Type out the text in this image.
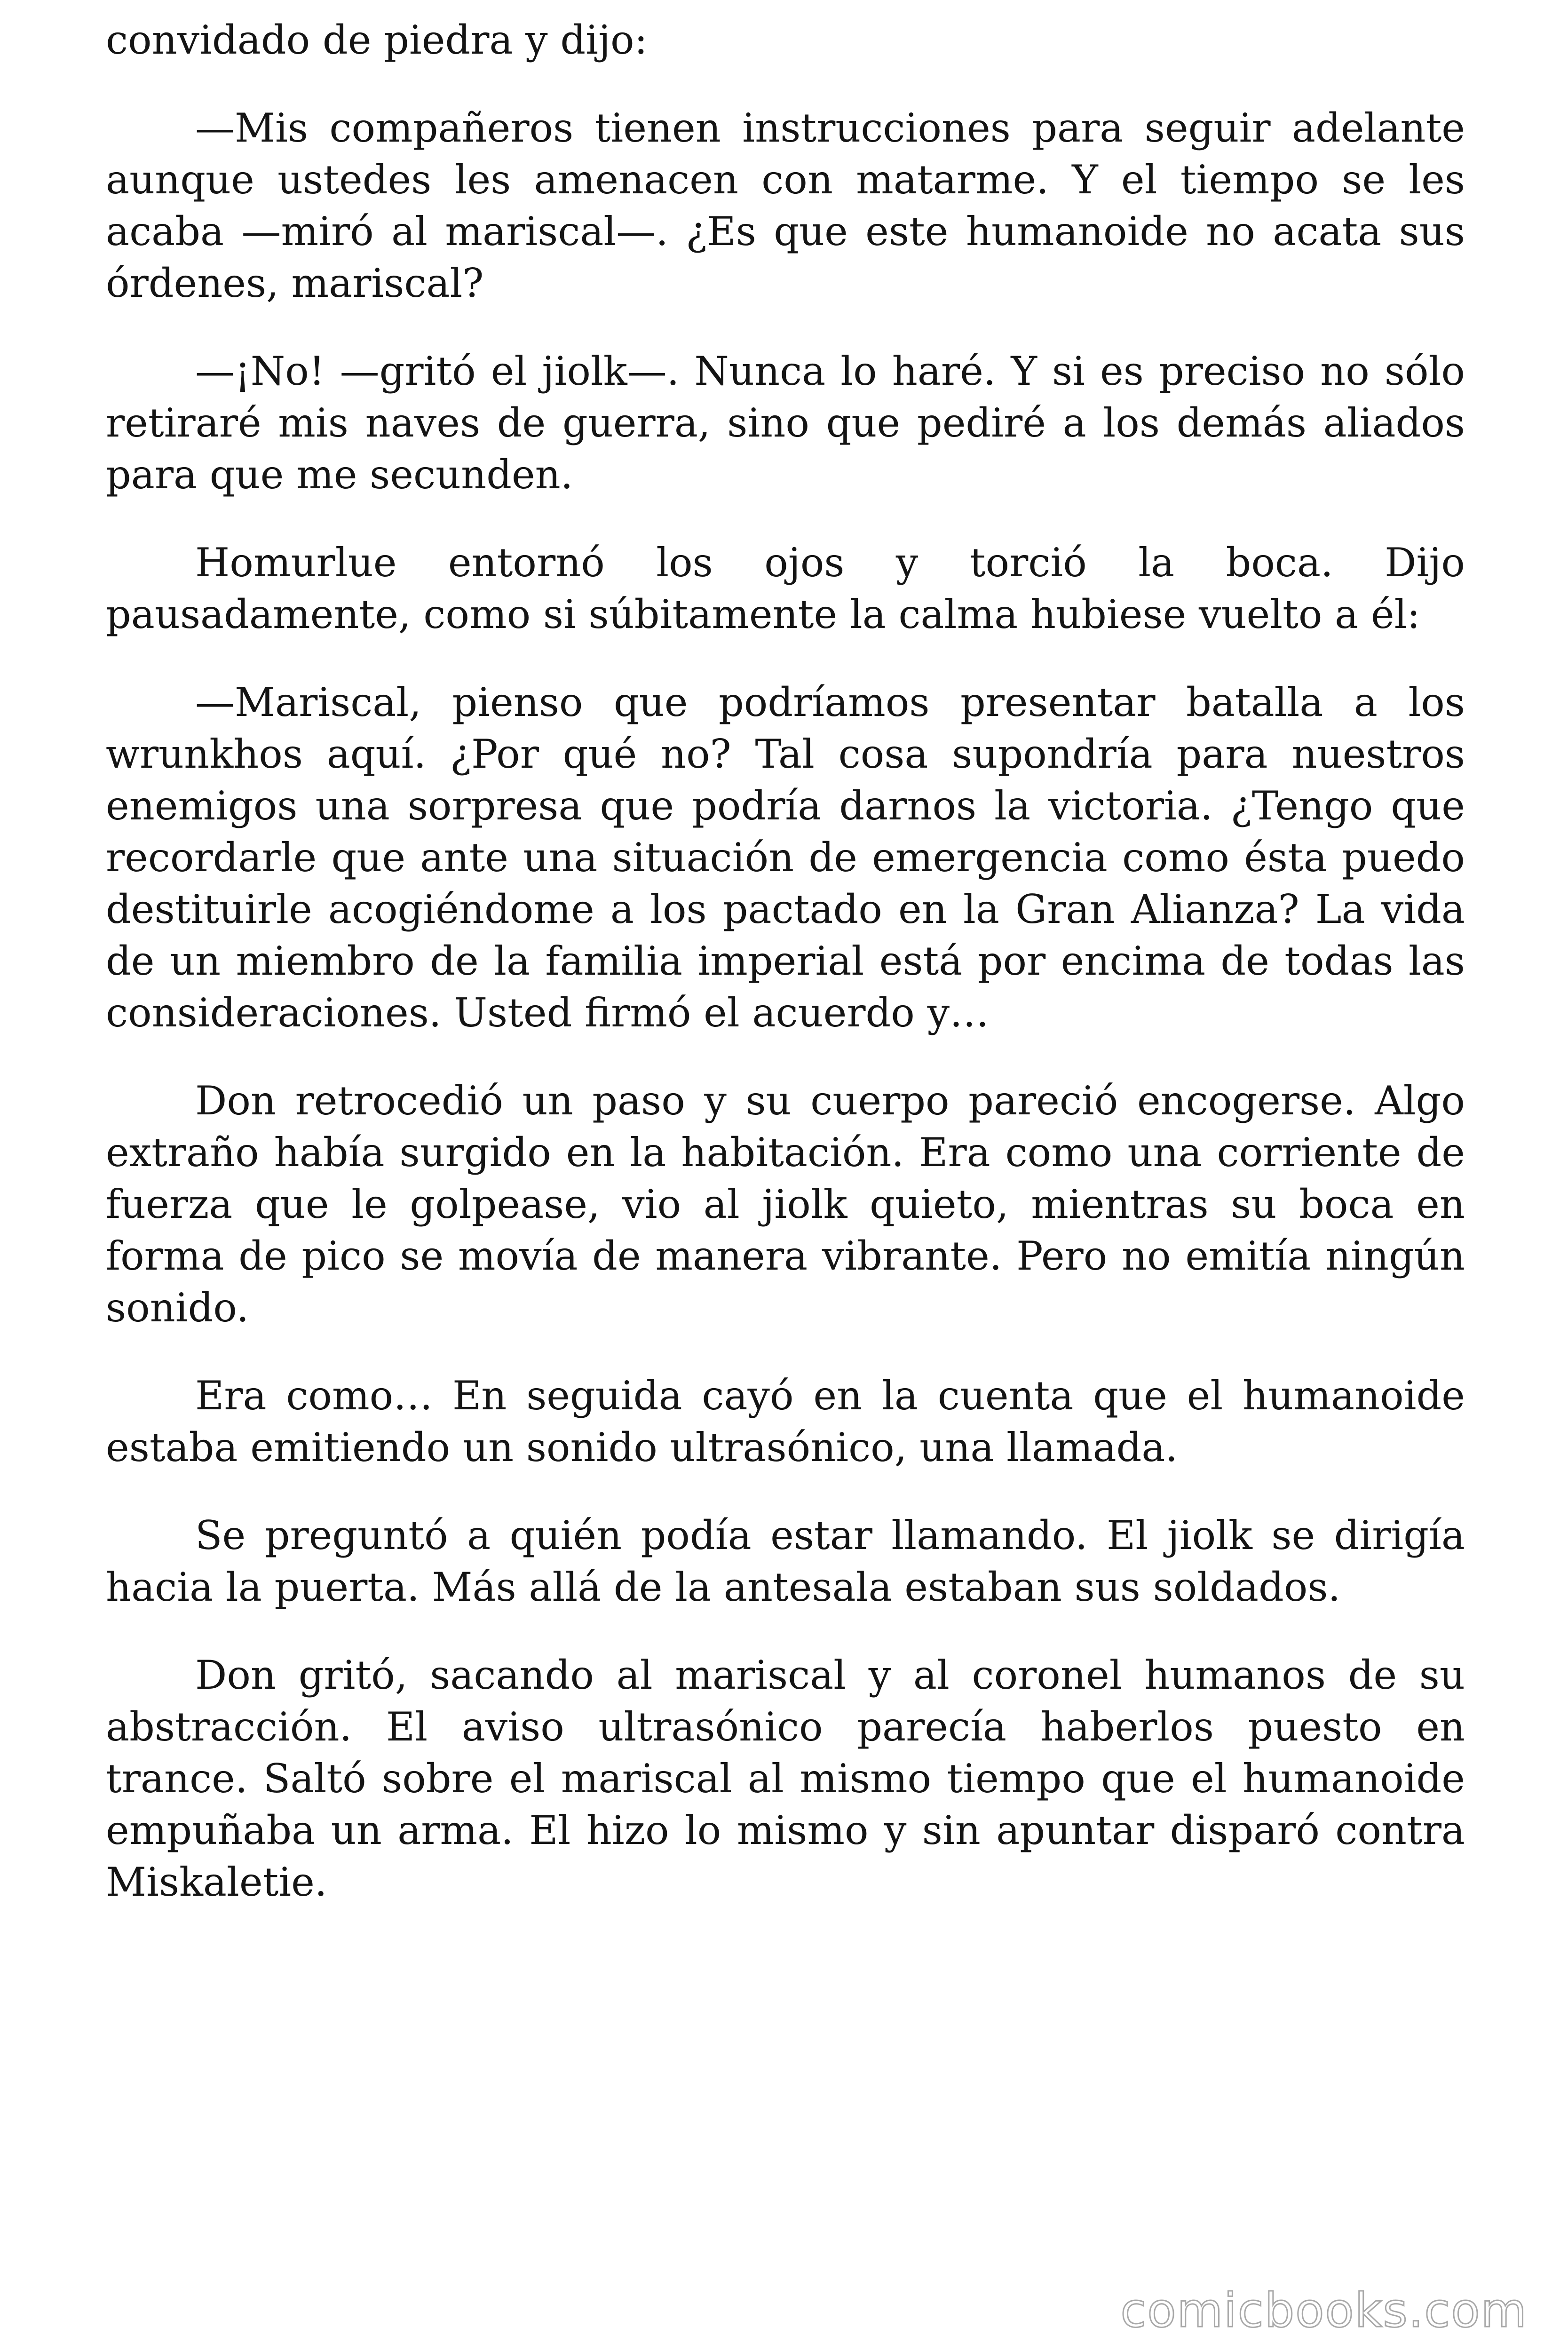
convidado de piedra y dijo:

—Mis compañeros tienen instrucciones para seguir adelante aunque ustedes les amenacen con matarme. Y el tiempo se les acaba —miró al mariscal—. ¿Es que este humanoide no acata sus órdenes, mariscal?

—¡No! —gritó el jiolk—. Nunca lo haré. Y si es preciso no sólo retiraré mis naves de guerra, sino que pediré a los demás aliados para que me secunden.

Homurlue entornó los ojos y torció la boca. Dijo pausadamente, como si súbitamente la calma hubiese vuelto a él:

—Mariscal, pienso que podríamos presentar batalla a los wrunkhos aquí. ¿Por qué no? Tal cosa supondría para nuestros enemigos una sorpresa que podría darnos la victoria. ¿Tengo que recordarle que ante una situación de emergencia como ésta puedo destituirle acogiéndome a los pactado en la Gran Alianza? La vida de un miembro de la familia imperial está por encima de todas las consideraciones. Usted firmó el acuerdo y…

Don retrocedió un paso y su cuerpo pareció encogerse. Algo extraño había surgido en la habitación. Era como una corriente de fuerza que le golpease, vio al jiolk quieto, mientras su boca en forma de pico se movía de manera vibrante. Pero no emitía ningún sonido.

Era como… En seguida cayó en la cuenta que el humanoide estaba emitiendo un sonido ultrasónico, una llamada.

Se preguntó a quién podía estar llamando. El jiolk se dirigía hacia la puerta. Más allá de la antesala estaban sus soldados.

Don gritó, sacando al mariscal y al coronel humanos de su abstracción. El aviso ultrasónico parecía haberlos puesto en trance. Saltó sobre el mariscal al mismo tiempo que el humanoide empuñaba un arma. El hizo lo mismo y sin apuntar disparó contra Miskaletie.

comicbooks.com
